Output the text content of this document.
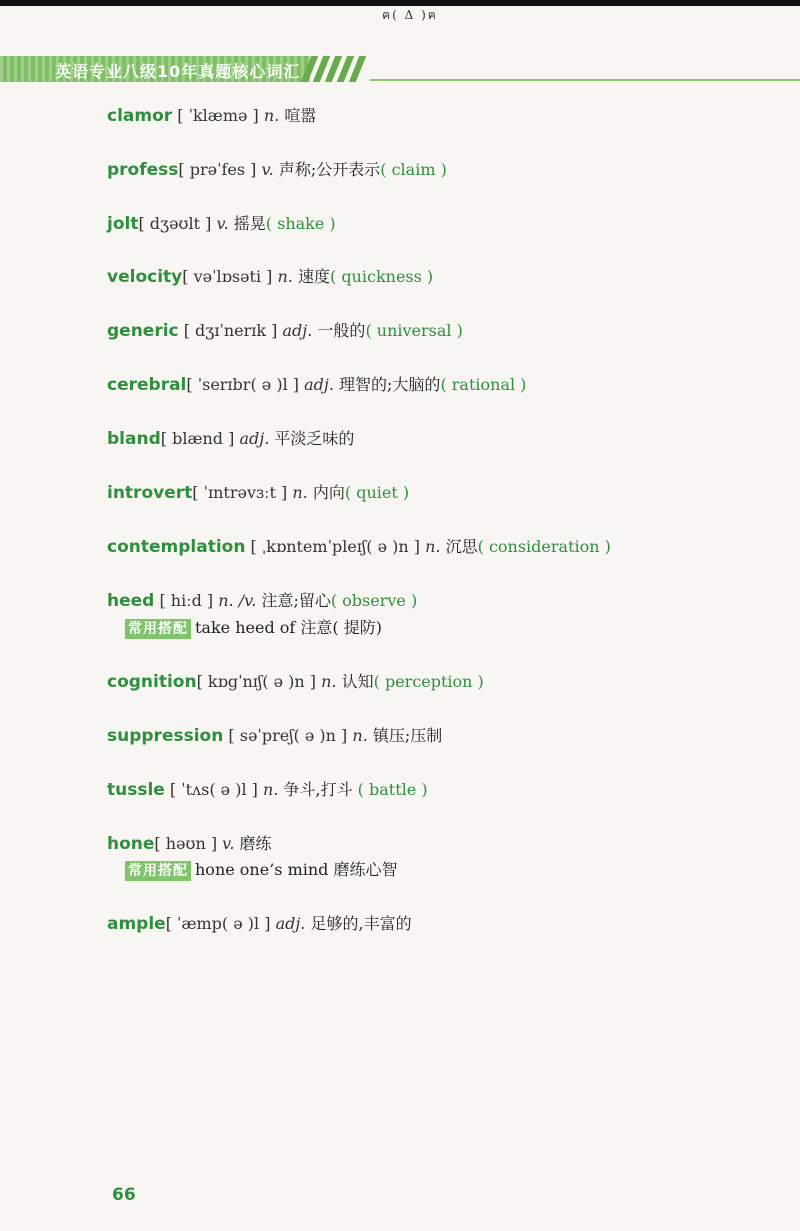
ฅ( Δ )ฅ
英语专业八级10年真题核心词汇
clamor [ ˈklæmə ] n. 喧嚣
profess[ prəˈfes ] v. 声称;公开表示( claim )
jolt[ dʒəʊlt ] v. 摇晃( shake )
velocity[ vəˈlɒsəti ] n. 速度( quickness )
generic [ dʒɪˈnerɪk ] adj. 一般的( universal )
cerebral[ ˈserɪbr( ə )l ] adj. 理智的;大脑的( rational )
bland[ blænd ] adj. 平淡乏味的
introvert[ ˈɪntrəvɜːt ] n. 内向( quiet )
contemplation [ ˌkɒntemˈpleɪʃ( ə )n ] n. 沉思( consideration )
heed [ hiːd ] n. /v. 注意;留心( observe )
常用搭配 take heed of 注意( 提防)
cognition[ kɒgˈnɪʃ( ə )n ] n. 认知( perception )
suppression [ səˈpreʃ( ə )n ] n. 镇压;压制
tussle [ ˈtʌs( ə )l ] n. 争斗,打斗 ( battle )
hone[ həʊn ] v. 磨练
常用搭配 hone one’s mind 磨练心智
ample[ ˈæmp( ə )l ] adj. 足够的,丰富的
66
